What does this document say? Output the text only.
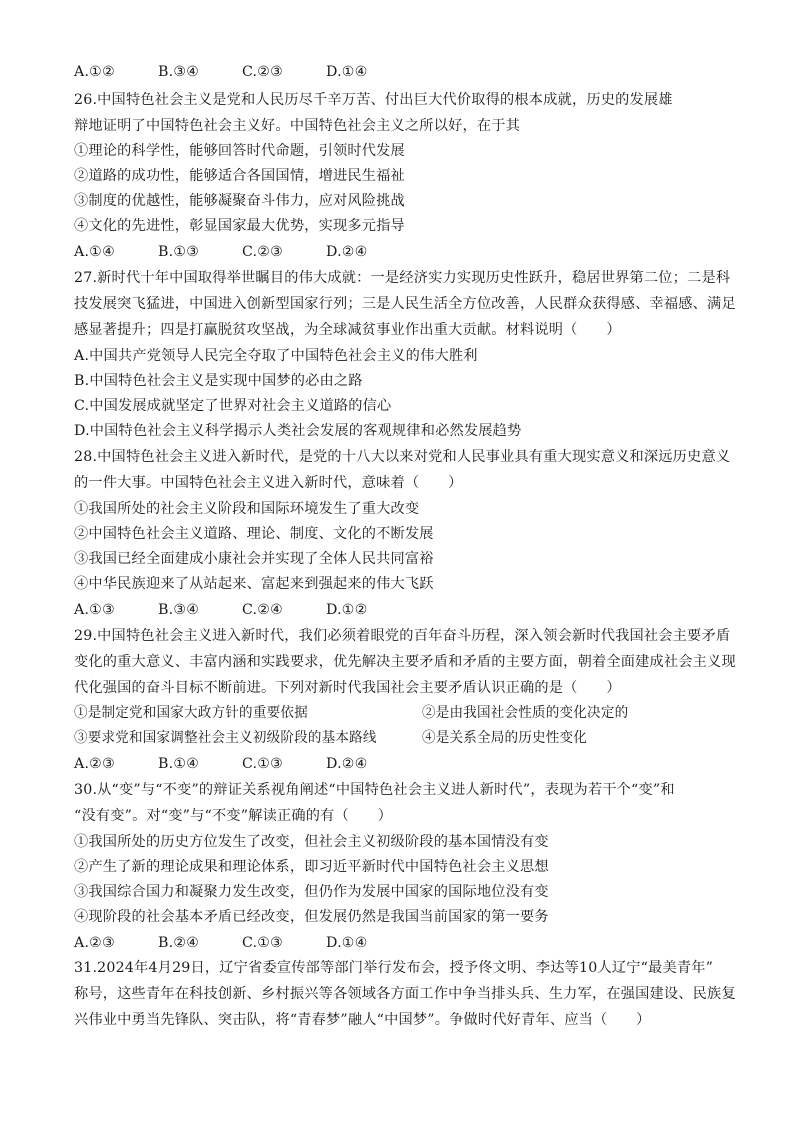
A.①②	B.③④	C.②③	D.①④
26.中国特色社会主义是党和人民历尽千辛万苦、付出巨大代价取得的根本成就，历史的发展雄
辩地证明了中国特色社会主义好。中国特色社会主义之所以好，在于其
①理论的科学性，能够回答时代命题，引领时代发展
②道路的成功性，能够适合各国国情，增进民生福祉
③制度的优越性，能够凝聚奋斗伟力，应对风险挑战
④文化的先进性，彰显国家最大优势，实现多元指导
A.①④	B.①③	C.②③	D.②④
27.新时代十年中国取得举世瞩目的伟大成就：一是经济实力实现历史性跃升，稳居世界第二位；二是科
技发展突飞猛进，中国进入创新型国家行列；三是人民生活全方位改善，人民群众获得感、幸福感、满足
感显著提升；四是打赢脱贫攻坚战，为全球减贫事业作出重大贡献。材料说明（　　）
A.中国共产党领导人民完全夺取了中国特色社会主义的伟大胜利
B.中国特色社会主义是实现中国梦的必由之路
C.中国发展成就坚定了世界对社会主义道路的信心
D.中国特色社会主义科学揭示人类社会发展的客观规律和必然发展趋势
28.中国特色社会主义进入新时代，是党的十八大以来对党和人民事业具有重大现实意义和深远历史意义
的一件大事。中国特色社会主义进入新时代，意味着（　　）
①我国所处的社会主义阶段和国际环境发生了重大改变
②中国特色社会主义道路、理论、制度、文化的不断发展
③我国已经全面建成小康社会并实现了全体人民共同富裕
④中华民族迎来了从站起来、富起来到强起来的伟大飞跃
A.①③	B.③④	C.②④	D.①②
29.中国特色社会主义进入新时代，我们必须着眼党的百年奋斗历程，深入领会新时代我国社会主要矛盾
变化的重大意义、丰富内涵和实践要求，优先解决主要矛盾和矛盾的主要方面，朝着全面建成社会主义现
代化强国的奋斗目标不断前进。下列对新时代我国社会主要矛盾认识正确的是（　　）
①是制定党和国家大政方针的重要依据	②是由我国社会性质的变化决定的
③要求党和国家调整社会主义初级阶段的基本路线	④是关系全局的历史性变化
A.②③	B.①④	C.①③	D.②④
30.从“变”与“不变”的辩证关系视角阐述“中国特色社会主义进人新时代”，表现为若干个“变”和
“没有变”。对“变”与“不变”解读正确的有（　　）
①我国所处的历史方位发生了改变，但社会主义初级阶段的基本国情没有变
②产生了新的理论成果和理论体系，即习近平新时代中国特色社会主义思想
③我国综合国力和凝聚力发生改变，但仍作为发展中国家的国际地位没有变
④现阶段的社会基本矛盾已经改变，但发展仍然是我国当前国家的第一要务
A.②③	B.②④	C.①③	D.①④
31.2024年4月29日，辽宁省委宣传部等部门举行发布会，授予佟文明、李达等10人辽宁“最美青年”
称号，这些青年在科技创新、乡村振兴等各领域各方面工作中争当排头兵、生力军，在强国建设、民族复
兴伟业中勇当先锋队、突击队，将“青春梦”融人“中国梦”。争做时代好青年、应当（　　）
